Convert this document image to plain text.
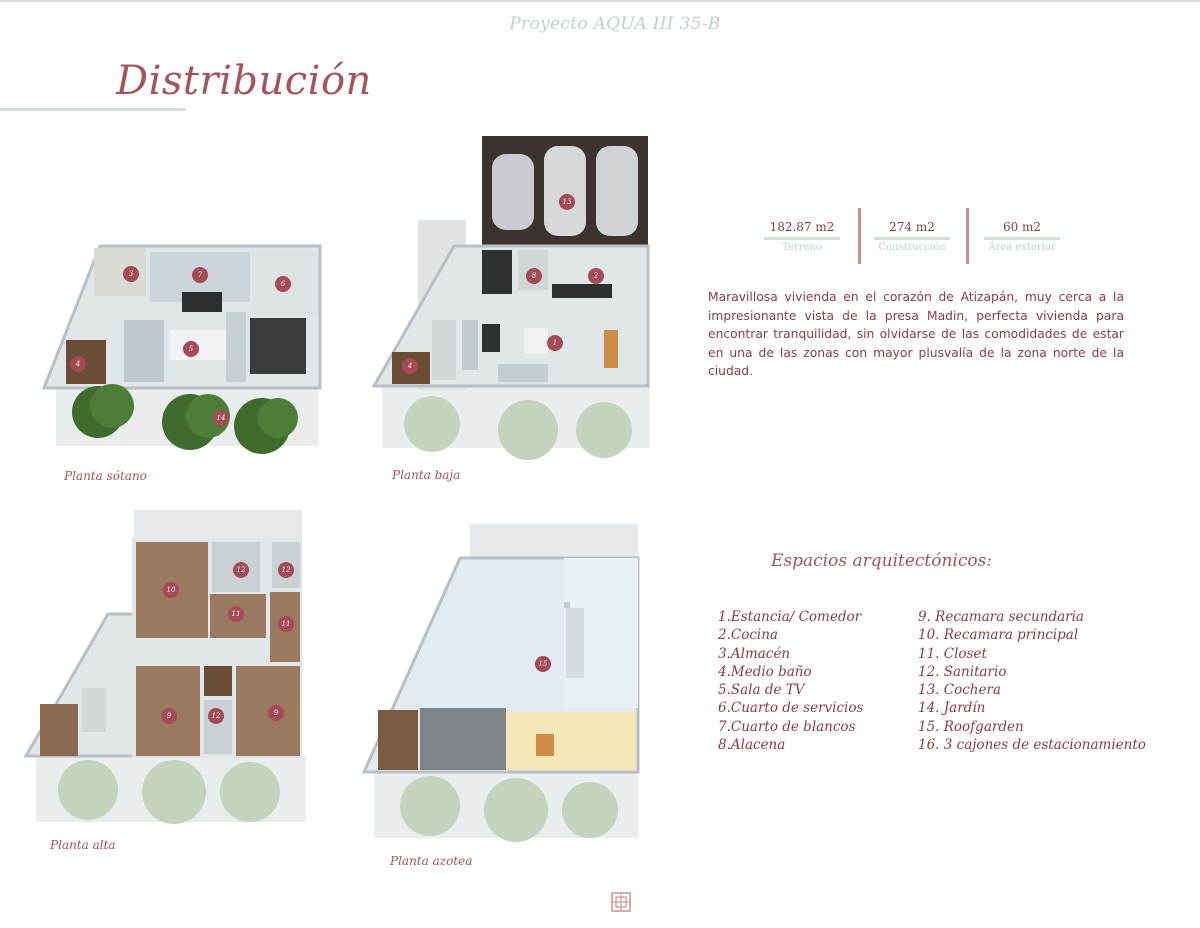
Proyecto AQUA III 35-B
Distribución
3	7
6
4
5
14
Planta sótano
13
8	2
1
4
Planta baja
10
12	12
11
11
9	12	9
Planta alta
15
Planta azotea
182.87 m2
Terreno
274 m2
Construcción
60 m2
Área exterior
Maravillosa vivienda en el corazón de Atizapán, muy cerca a la impresionante vista de la presa Madin, perfecta vivienda para encontrar tranquilidad, sin olvidarse de las comodidades de estar en una de las zonas con mayor plusvalía de la zona norte de la ciudad.
Espacios arquitectónicos:
1.Estancia/ Comedor
2.Cocina
3.Almacén
4.Medio baño
5.Sala de TV
6.Cuarto de servicios
7.Cuarto de blancos
8.Alacena
9. Recamara secundaria
10. Recamara principal
11. Closet
12. Sanitario
13. Cochera
14. Jardín
15. Roofgarden
16. 3 cajones de estacionamiento
